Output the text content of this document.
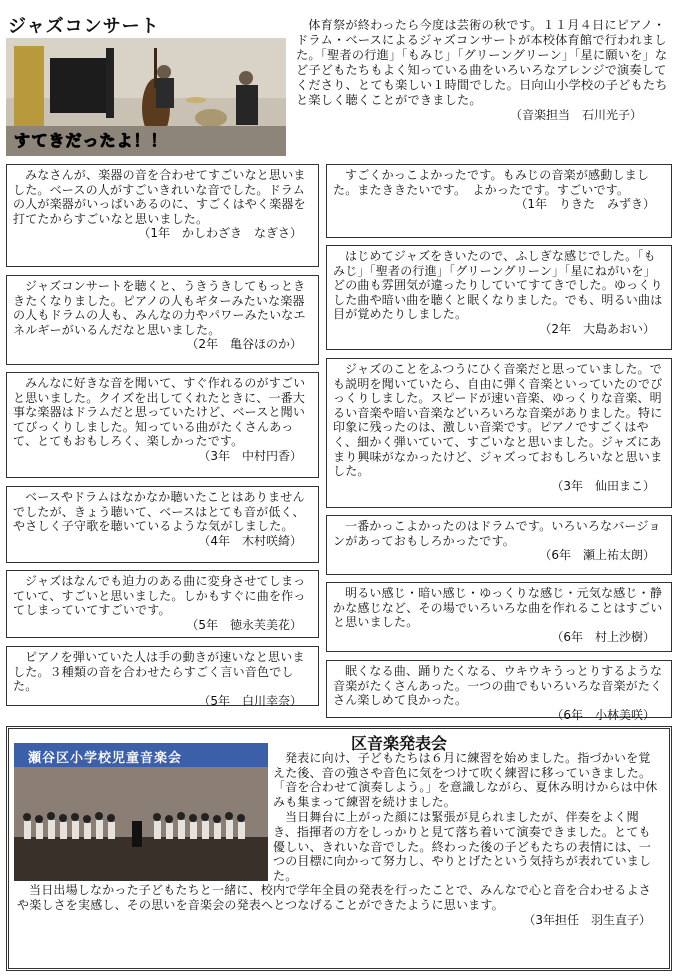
ジャズコンサート
すてきだったよ！！

体育祭が終わったら今度は芸術の秋です。１１月４日にピアノ・ドラム・ベースによるジャズコンサートが本校体育館で行われました。「聖者の行進」「もみじ」「グリーングリーン」「星に願いを」など子どもたちもよく知っている曲をいろいろなアレンジで演奏してくださり、とても楽しい１時間でした。日向山小学校の子どもたちと楽しく聴くことができました。

（音楽担当　石川光子）

みなさんが、楽器の音を合わせてすごいなと思いました。ベースの人がすごいきれいな音でした。ドラムの人が楽器がいっぱいあるのに、すごくはやく楽器を打てたからすごいなと思いました。

（1年　かしわざき　なぎさ）

ジャズコンサートを聴くと、うきうきしてもっとききたくなりました。ピアノの人もギターみたいな楽器の人もドラムの人も、みんなの力やパワーみたいなエネルギーがいるんだなと思いました。

（2年　亀谷ほのか）

みんなに好きな音を聞いて、すぐ作れるのがすごいと思いました。クイズを出してくれたときに、一番大事な楽器はドラムだと思っていたけど、ベースと聞いてびっくりしました。知っている曲がたくさんあって、とてもおもしろく、楽しかったです。

（3年　中村円香）

ベースやドラムはなかなか聴いたことはありませんでしたが、きょう聴いて、ベースはとても音が低く、やさしく子守歌を聴いているような気がしました。

（4年　木村咲綺）

ジャズはなんでも迫力のある曲に変身させてしまっていて、すごいと思いました。しかもすぐに曲を作ってしまっていてすごいです。

（5年　徳永芙美花）

ピアノを弾いていた人は手の動きが速いなと思いました。３種類の音を合わせたらすごく言い音色でした。

（5年　白川幸奈）

すごくかっこよかったです。もみじの音楽が感動しました。またききたいです。　よかったです。すごいです。

（1年　りきた　みずき）

はじめてジャズをきいたので、ふしぎな感じでした。「もみじ」「聖者の行進」「グリーングリーン」「星にねがいを」どの曲も雰囲気が違ったりしていてすてきでした。ゆっくりした曲や暗い曲を聴くと眠くなりました。でも、明るい曲は目が覚めたりしました。

（2年　大島あおい）

ジャズのことをふつうにひく音楽だと思っていました。でも説明を聞いていたら、自由に弾く音楽といっていたのでびっくりしました。スピードが速い音楽、ゆっくりな音楽、明るい音楽や暗い音楽などいろいろな音楽がありました。特に印象に残ったのは、激しい音楽です。ピアノですごくはやく、細かく弾いていて、すごいなと思いました。ジャズにあまり興味がなかったけど、ジャズっておもしろいなと思いました。

（3年　仙田まこ）

一番かっこよかったのはドラムです。いろいろなバージョンがあっておもしろかったです。

（6年　瀬上祐太朗）

明るい感じ・暗い感じ・ゆっくりな感じ・元気な感じ・静かな感じなど、その場でいろいろな曲を作れることはすごいと思いました。

（6年　村上沙樹）

眠くなる曲、踊りたくなる、ウキウキうっとりするような音楽がたくさんあった。一つの曲でもいろいろな音楽がたくさん楽しめて良かった。

（6年　小林美咲）

瀬谷区小学校児童音楽会
区音楽発表会

発表に向け、子どもたちは６月に練習を始めました。指づかいを覚えた後、音の強さや音色に気をつけて吹く練習に移っていきました。「音を合わせて演奏しよう。」を意識しながら、夏休み明けからは中休みも集まって練習を続けました。

当日舞台に上がった顔には緊張が見られましたが、伴奏をよく聞き、指揮者の方をしっかりと見て落ち着いて演奏できました。とても優しい、きれいな音でした。終わった後の子どもたちの表情には、一つの目標に向かって努力し、やりとげたという気持ちが表れていました。

当日出場しなかった子どもたちと一緒に、校内で学年全員の発表を行ったことで、みんなで心と音を合わせるよさや楽しさを実感し、その思いを音楽会の発表へとつなげることができたように思います。

（3年担任　羽生直子）
